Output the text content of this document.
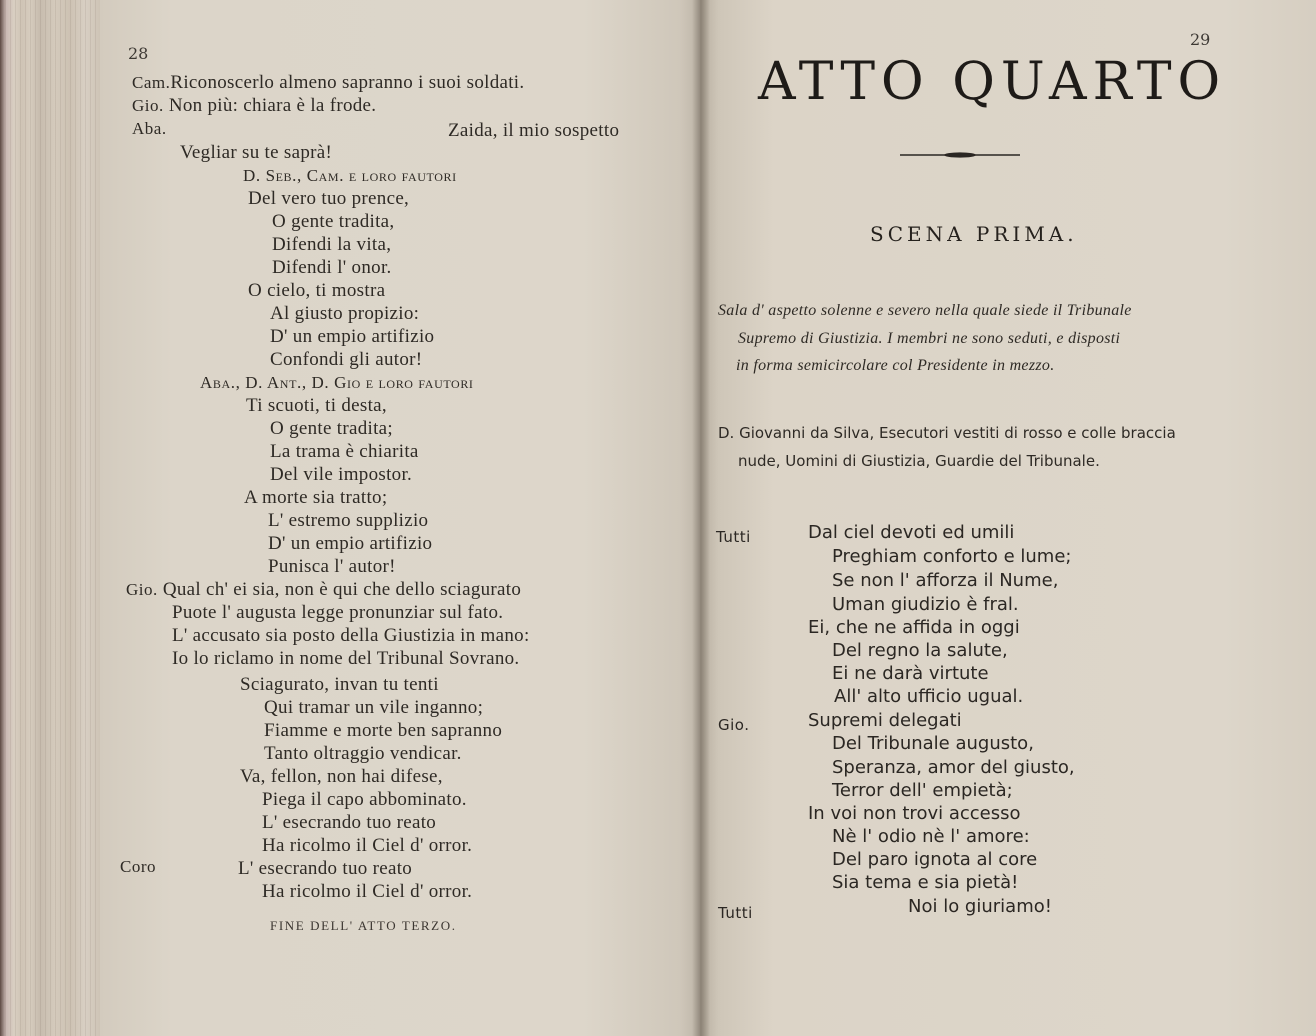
28
Cam.Riconoscerlo almeno sapranno i suoi soldati.
Gio. Non più: chiara è la frode.
Aba.	Zaida, il mio sospetto
Vegliar su te saprà!
D. Seb., Cam. e loro fautori
Del vero tuo prence,
O gente tradita,
Difendi la vita,
Difendi l' onor.
O cielo, ti mostra
Al giusto propizio:
D' un empio artifizio
Confondi gli autor!
Aba., D. Ant., D. Gio e loro fautori
Ti scuoti, ti desta,
O gente tradita;
La trama è chiarita
Del vile impostor.
A morte sia tratto;
L' estremo supplizio
D' un empio artifizio
Punisca l' autor!
Gio. Qual ch' ei sia, non è qui che dello sciagurato
Puote l' augusta legge pronunziar sul fato.
L' accusato sia posto della Giustizia in mano:
Io lo riclamo in nome del Tribunal Sovrano.
Sciagurato, invan tu tenti
Qui tramar un vile inganno;
Fiamme e morte ben sapranno
Tanto oltraggio vendicar.
Va, fellon, non hai difese,
Piega il capo abbominato.
L' esecrando tuo reato
Ha ricolmo il Ciel d' orror.
Coro	L' esecrando tuo reato
Ha ricolmo il Ciel d' orror.
FINE DELL' ATTO TERZO.
29
ATTO QUARTO
SCENA PRIMA.
Sala d' aspetto solenne e severo nella quale siede il Tribunale
Supremo di Giustizia. I membri ne sono seduti, e disposti
in forma semicircolare col Presidente in mezzo.
D. Giovanni da Silva, Esecutori vestiti di rosso e colle braccia
nude, Uomini di Giustizia, Guardie del Tribunale.
Tutti	Dal ciel devoti ed umili
Preghiam conforto e lume;
Se non l' afforza il Nume,
Uman giudizio è fral.
Ei, che ne affida in oggi
Del regno la salute,
Ei ne darà virtute
All' alto ufficio ugual.
Gio.	Supremi delegati
Del Tribunale augusto,
Speranza, amor del giusto,
Terror dell' empietà;
In voi non trovi accesso
Nè l' odio nè l' amore:
Del paro ignota al core
Sia tema e sia pietà!
Tutti	Noi lo giuriamo!
